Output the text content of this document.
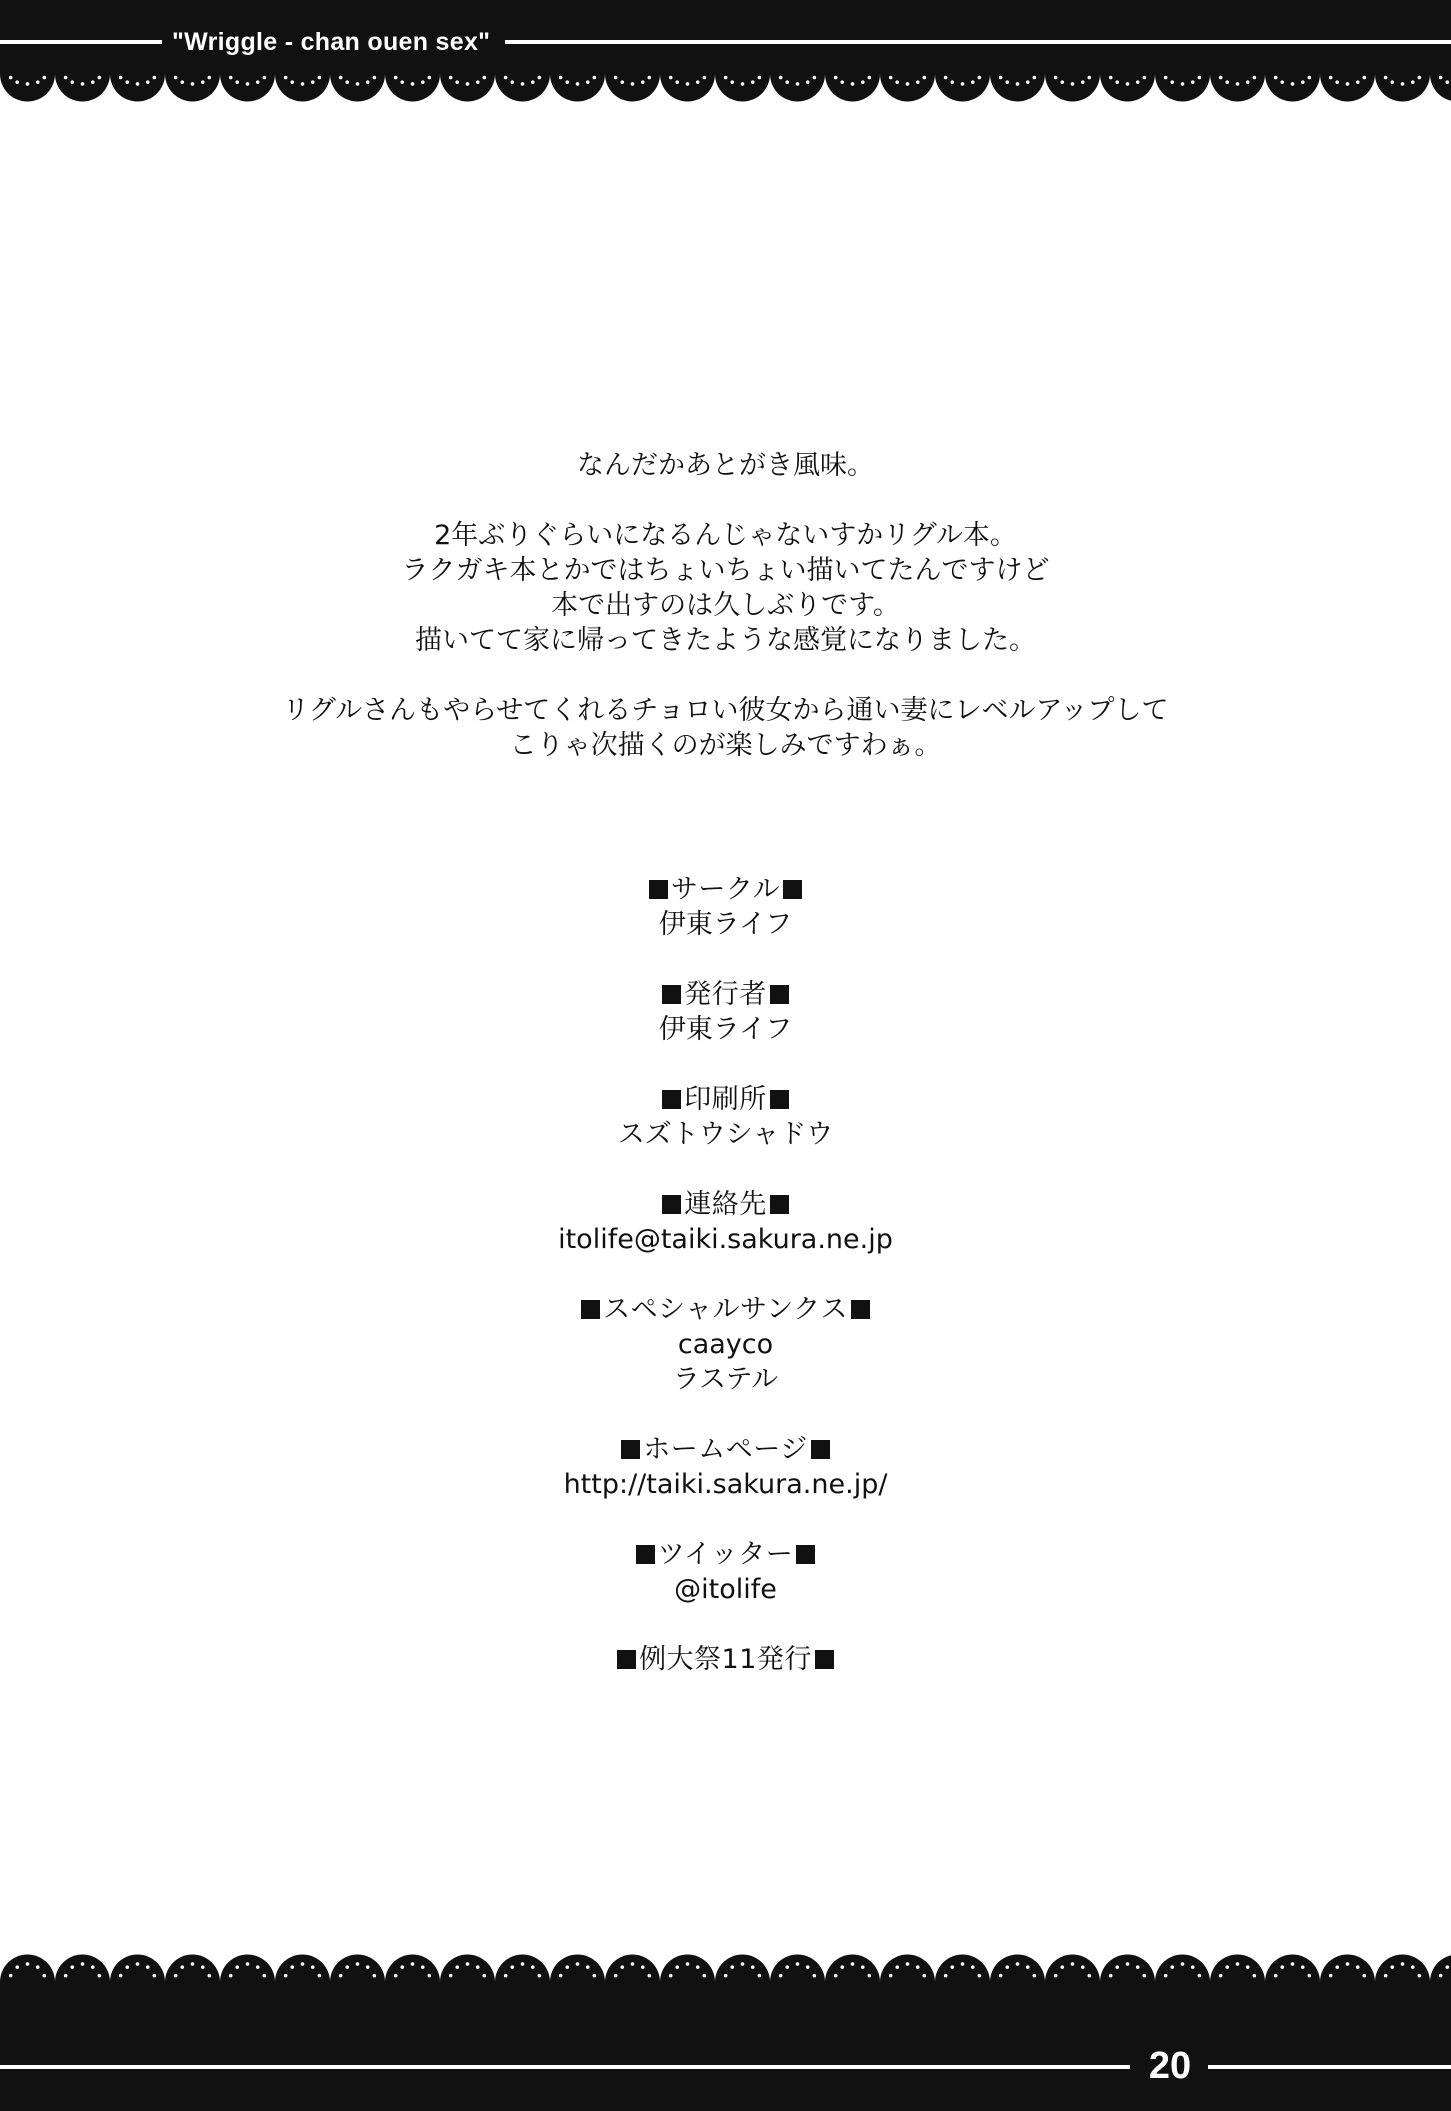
"Wriggle - chan ouen sex"

なんだかあとがき風味。

2年ぶりぐらいになるんじゃないすかリグル本。

ラクガキ本とかではちょいちょい描いてたんですけど

本で出すのは久しぶりです。

描いてて家に帰ってきたような感覚になりました。

リグルさんもやらせてくれるチョロい彼女から通い妻にレベルアップして

こりゃ次描くのが楽しみですわぁ。

サークル

伊東ライフ

発行者

伊東ライフ

印刷所

スズトウシャドウ

連絡先

itolife@taiki.sakura.ne.jp

スペシャルサンクス

caayco

ラステル

ホームページ

http://taiki.sakura.ne.jp/

ツイッター

@itolife

例大祭11発行

20
